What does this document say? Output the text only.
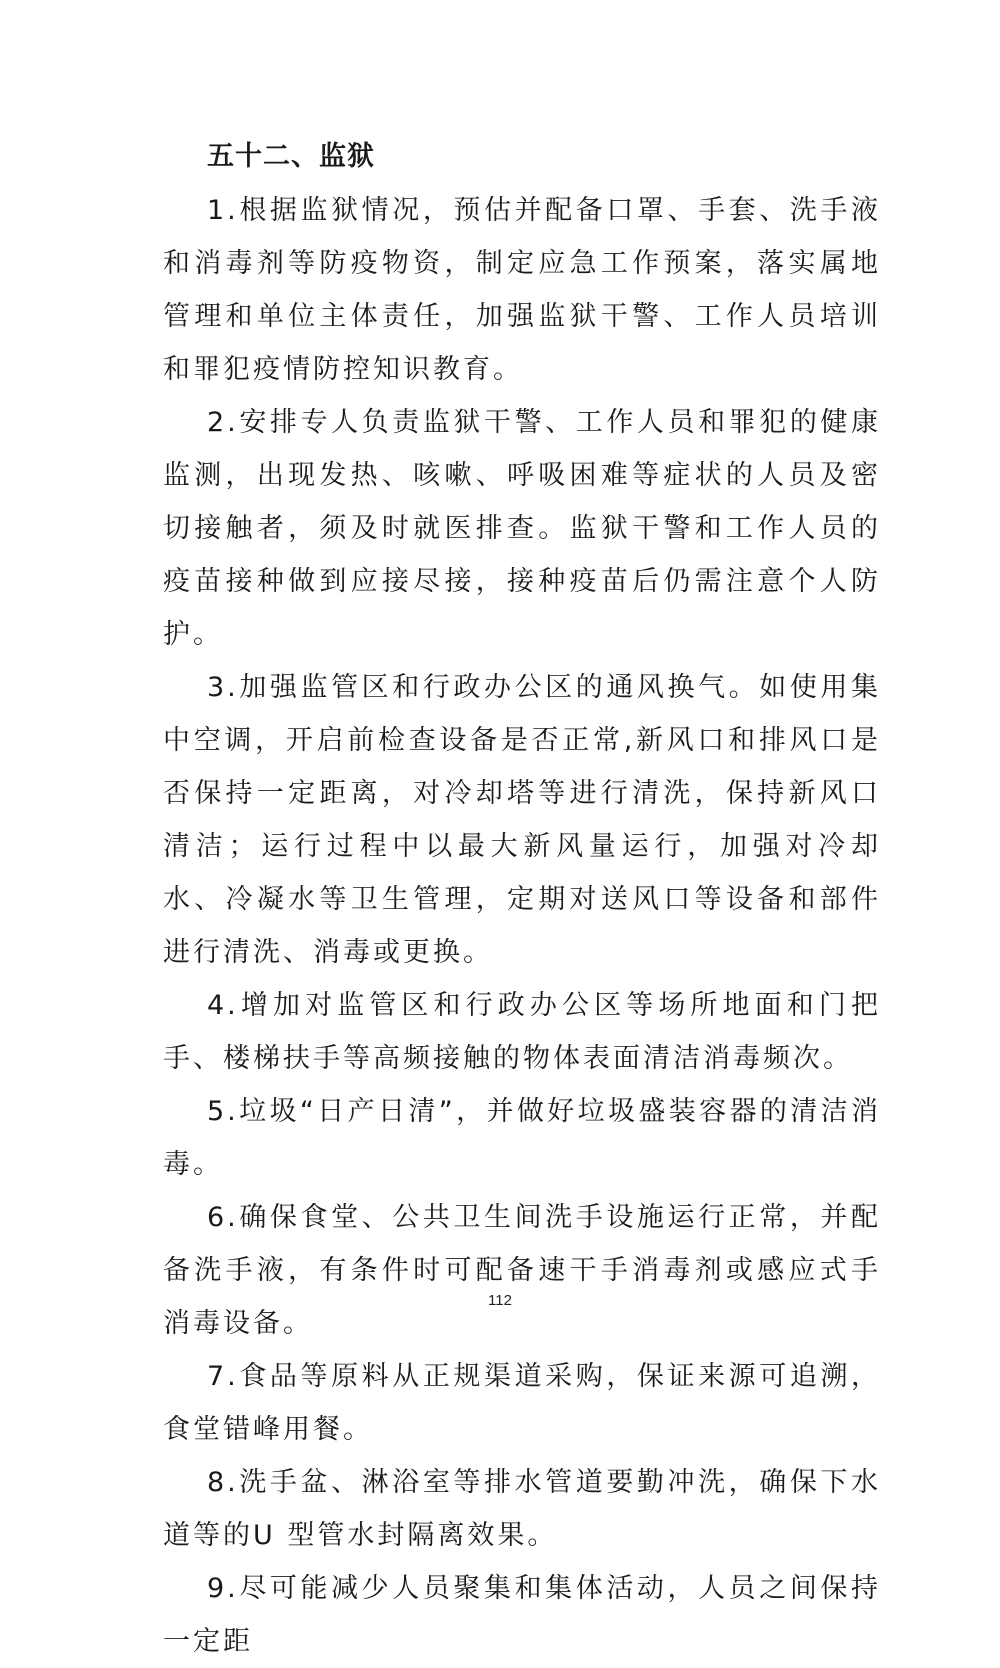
五十二、监狱

1.根据监狱情况，预估并配备口罩、手套、洗手液和消毒剂等防疫物资，制定应急工作预案，落实属地管理和单位主体责任，加强监狱干警、工作人员培训和罪犯疫情防控知识教育。

2.安排专人负责监狱干警、工作人员和罪犯的健康监测，出现发热、咳嗽、呼吸困难等症状的人员及密切接触者，须及时就医排查。监狱干警和工作人员的疫苗接种做到应接尽接，接种疫苗后仍需注意个人防护。

3.加强监管区和行政办公区的通风换气。如使用集中空调，开启前检查设备是否正常,新风口和排风口是否保持一定距离，对冷却塔等进行清洗，保持新风口清洁；运行过程中以最大新风量运行，加强对冷却水、冷凝水等卫生管理，定期对送风口等设备和部件进行清洗、消毒或更换。

4.增加对监管区和行政办公区等场所地面和门把手、楼梯扶手等高频接触的物体表面清洁消毒频次。

5.垃圾“日产日清”，并做好垃圾盛装容器的清洁消毒。

6.确保食堂、公共卫生间洗手设施运行正常，并配备洗手液，有条件时可配备速干手消毒剂或感应式手消毒设备。

7.食品等原料从正规渠道采购，保证来源可追溯，食堂错峰用餐。

8.洗手盆、淋浴室等排水管道要勤冲洗，确保下水道等的U 型管水封隔离效果。

9.尽可能减少人员聚集和集体活动，人员之间保持一定距

112
